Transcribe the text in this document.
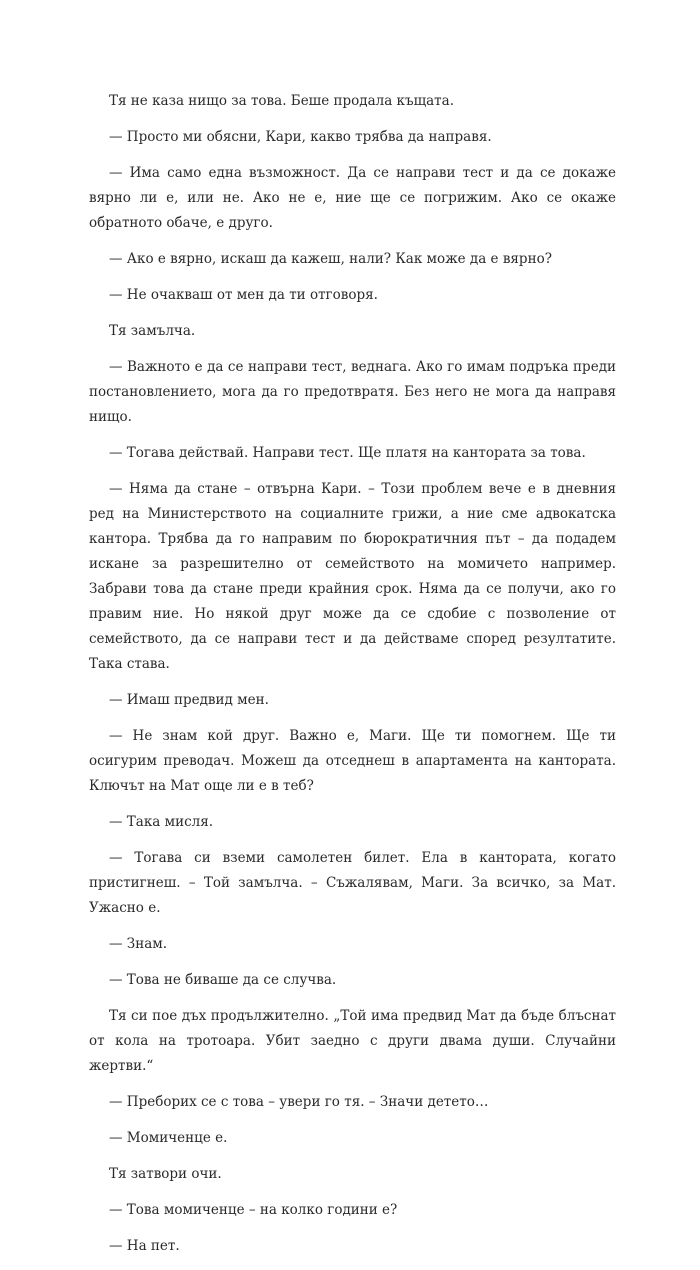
Тя не каза нищо за това. Беше продала къщата.

— Просто ми обясни, Кари, какво трябва да направя.

— Има само една възможност. Да се направи тест и да се докаже вярно ли е, или не. Ако не е, ние ще се погрижим. Ако се окаже обратното обаче, е друго.

— Ако е вярно, искаш да кажеш, нали? Как може да е вярно?

— Не очакваш от мен да ти отговоря.

Тя замълча.

— Важното е да се направи тест, веднага. Ако го имам подръка преди постановлението, мога да го предотвратя. Без него не мога да направя нищо.

— Тогава действай. Направи тест. Ще платя на кантората за това.

— Няма да стане – отвърна Кари. – Този проблем вече е в дневния ред на Министерството на социалните грижи, а ние сме адвокатска кантора. Трябва да го направим по бюрократичния път – да подадем искане за разрешително от семейството на момичето например. Забрави това да стане преди крайния срок. Няма да се получи, ако го правим ние. Но някой друг може да се сдобие с позволение от семейството, да се направи тест и да действаме според резултатите. Така става.

— Имаш предвид мен.

— Не знам кой друг. Важно е, Маги. Ще ти помогнем. Ще ти осигурим преводач. Можеш да отседнеш в апартамента на кантората. Ключът на Мат още ли е в теб?

— Така мисля.

— Тогава си вземи самолетен билет. Ела в кантората, когато пристигнеш. – Той замълча. – Съжалявам, Маги. За всичко, за Мат. Ужасно е.

— Знам.

— Това не биваше да се случва.

Тя си пое дъх продължително. „Той има предвид Мат да бъде блъснат от кола на тротоара. Убит заедно с други двама души. Случайни жертви.“

— Преборих се с това – увери го тя. – Значи детето…

— Момиченце е.

Тя затвори очи.

— Това момиченце – на колко години е?

— На пет.
